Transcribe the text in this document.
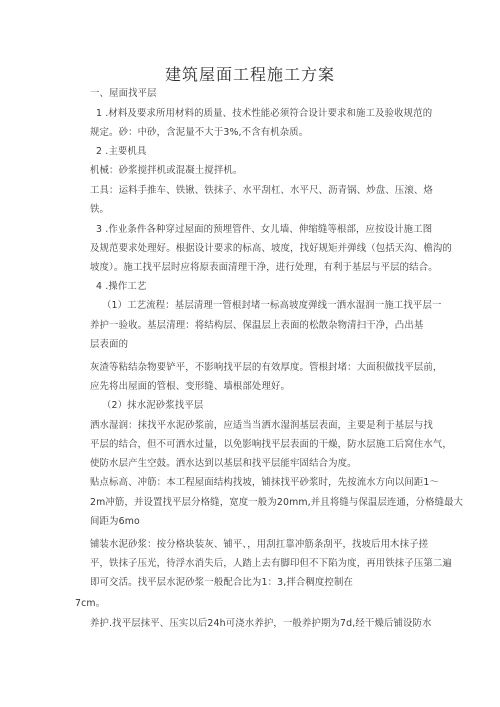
建筑屋面工程施工方案

一、屋面找平层

1 .材料及要求所用材料的质量、技术性能必须符合设计要求和施工及验收规范的

规定。砂：中砂，含泥量不大于3%,不含有机杂质。

2 .主要机具

机械：砂浆搅拌机或混凝土搅拌机。

工具：运料手推车、铁锹、铁抹子、水平刮杠、水平尺、沥青锅、炒盘、压滚、烙

铁。

3 .作业条件各种穿过屋面的预埋管件、女儿墙、伸缩缝等根部，应按设计施工图

及规范要求处理好。根据设计要求的标高、坡度，找好规矩并弹线（包括天沟、檐沟的

坡度）。施工找平层时应将原表面清理干净，进行处理，有利于基层与平层的结合。

4 .操作工艺

（1）工艺流程：基层清理一管根封堵一标高坡度弹线一洒水湿润一施工找平层一

养护一验收。基层清理：将结构层、保温层上表面的松散杂物清扫干净，凸出基

层表面的

灰渣等粘结杂物要铲平，不影响找平层的有效厚度。管根封堵：大面积做找平层前，

应先将出屋面的管根、变形缝、墙根部处理好。

（2）抹水泥砂浆找平层

洒水湿润：抹找平水泥砂浆前，应适当当洒水湿润基层表面，主要是利于基层与找

平层的结合，但不可洒水过量，以免影响找平层表面的干燥，防水层施工后窝住水气，

使防水层产生空鼓。洒水达到以基层和找平层能牢固结合为度。

贴点标高、冲筋：本工程屋面结构找坡，铺抹找平砂浆时，先按流水方向以间距1〜

2m冲筋，并设置找平层分格缝，宽度一般为20mm,并且将缝与保温层连通，分格缝最大

间距为6mo

铺装水泥砂浆：按分格块装灰、铺平、，用刮扛靠冲筋条刮平，找坡后用木抹子搓

平，铁抹子压光，待浮水消失后，人踏上去有脚印但不下陷为度，再用铁抹子压第二遍

即可交活。找平层水泥砂浆一般配合比为1：3,拌合稠度控制在

7cm。

养护.找平层抹平、压实以后24h可浇水养护，一般养护期为7d,经干燥后铺设防水
